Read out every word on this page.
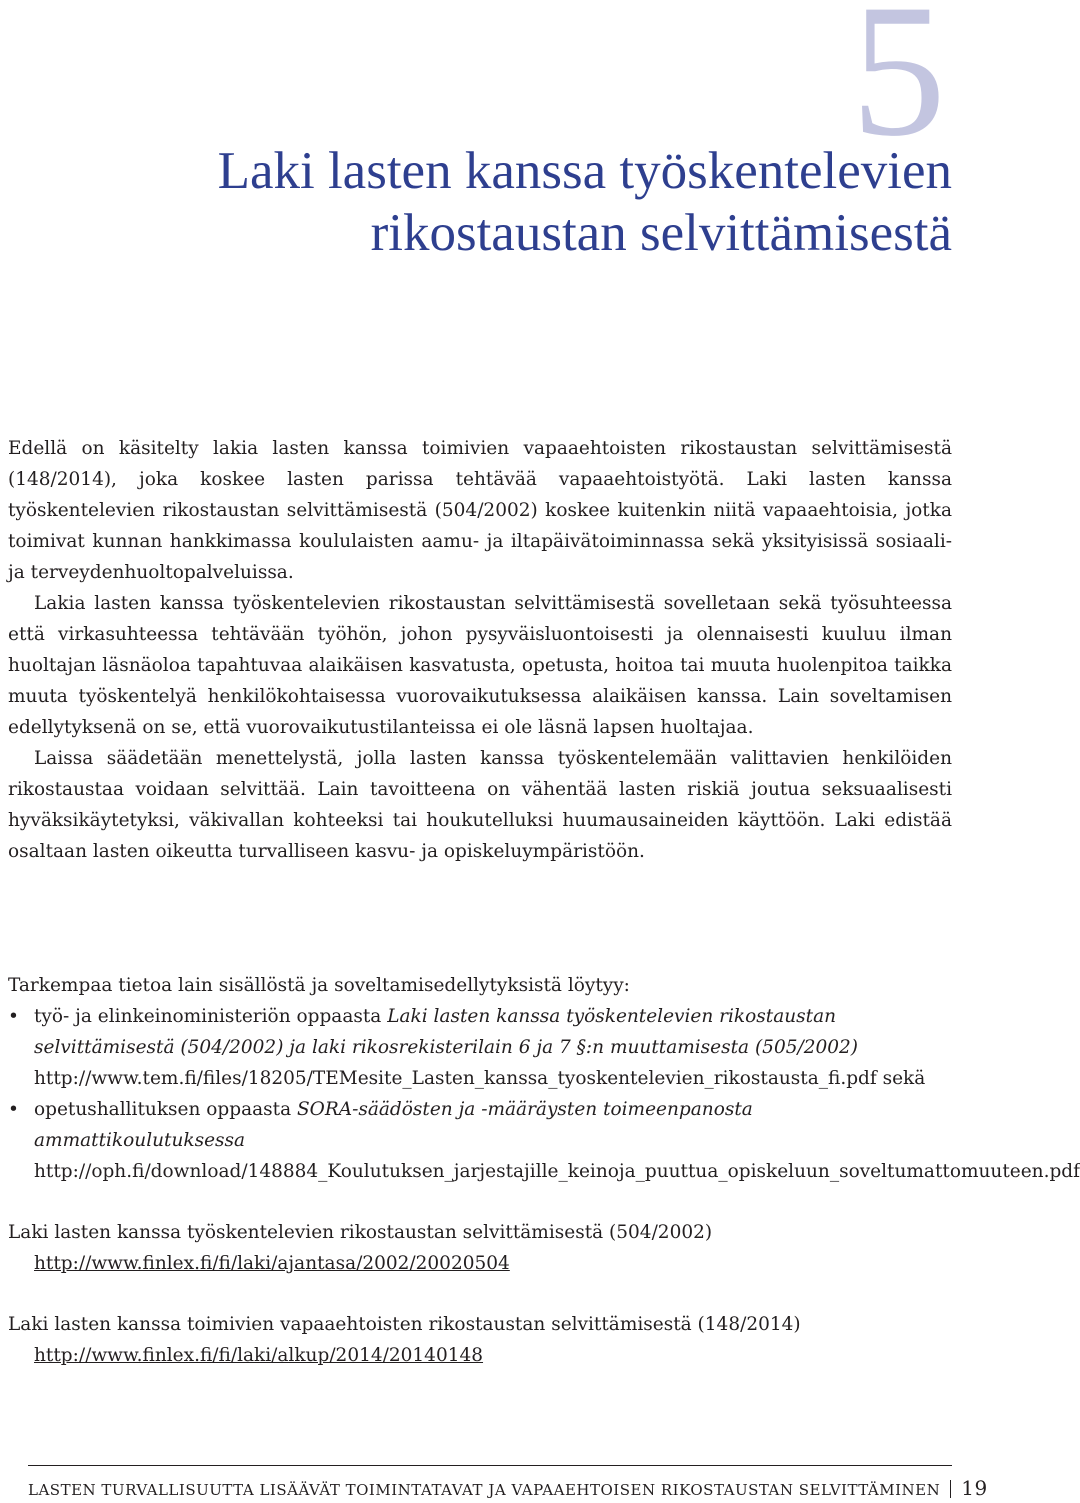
5
Laki lasten kanssa työskentelevien
rikostaustan selvittämisestä

Edellä on käsitelty lakia lasten kanssa toimivien vapaaehtoisten rikostaustan selvittämisestä (148/2014), joka koskee lasten parissa tehtävää vapaaehtoistyötä. Laki lasten kanssa työskentelevien rikostaustan selvittämisestä (504/2002) koskee kuitenkin niitä vapaaehtoisia, jotka toimivat kunnan hankkimassa koululaisten aamu- ja iltapäivätoiminnassa sekä yksityisissä sosiaali- ja terveydenhuoltopalveluissa.

Lakia lasten kanssa työskentelevien rikostaustan selvittämisestä sovelletaan sekä työsuhteessa että virkasuhteessa tehtävään työhön, johon pysyväisluontoisesti ja olennaisesti kuuluu ilman huoltajan läsnäoloa tapahtuvaa alaikäisen kasvatusta, opetusta, hoitoa tai muuta huolenpitoa taikka muuta työskentelyä henkilökohtaisessa vuorovaikutuksessa alaikäisen kanssa. Lain soveltamisen edellytyksenä on se, että vuorovaikutustilanteissa ei ole läsnä lapsen huoltajaa.

Laissa säädetään menettelystä, jolla lasten kanssa työskentelemään valittavien henkilöiden rikostaustaa voidaan selvittää. Lain tavoitteena on vähentää lasten riskiä joutua seksuaalisesti hyväksikäytetyksi, väkivallan kohteeksi tai houkutelluksi huumausaineiden käyttöön. Laki edistää osaltaan lasten oikeutta turvalliseen kasvu- ja opiskeluympäristöön.

Tarkempaa tietoa lain sisällöstä ja soveltamisedellytyksistä löytyy:

• työ- ja elinkeinoministeriön oppaasta Laki lasten kanssa työskentelevien rikostaustan selvittämisestä (504/2002) ja laki rikosrekisterilain 6 ja 7 §:n muuttamisesta (505/2002) http://www.tem.fi/files/18205/TEMesite_Lasten_kanssa_tyoskentelevien_rikostausta_fi.pdf sekä
• opetushallituksen oppaasta SORA-säädösten ja -määräysten toimeenpanosta ammattikoulutuksessa http://oph.fi/download/148884_Koulutuksen_jarjestajille_keinoja_puuttua_opiskeluun_soveltumattomuuteen.pdf
Laki lasten kanssa työskentelevien rikostaustan selvittämisestä (504/2002)
http://www.finlex.fi/fi/laki/ajantasa/2002/20020504
Laki lasten kanssa toimivien vapaaehtoisten rikostaustan selvittämisestä (148/2014)
http://www.finlex.fi/fi/laki/alkup/2014/20140148
LASTEN TURVALLISUUTTA LISÄÄVÄT TOIMINTATAVAT JA VAPAAEHTOISEN RIKOSTAUSTAN SELVITTÄMINEN 19
